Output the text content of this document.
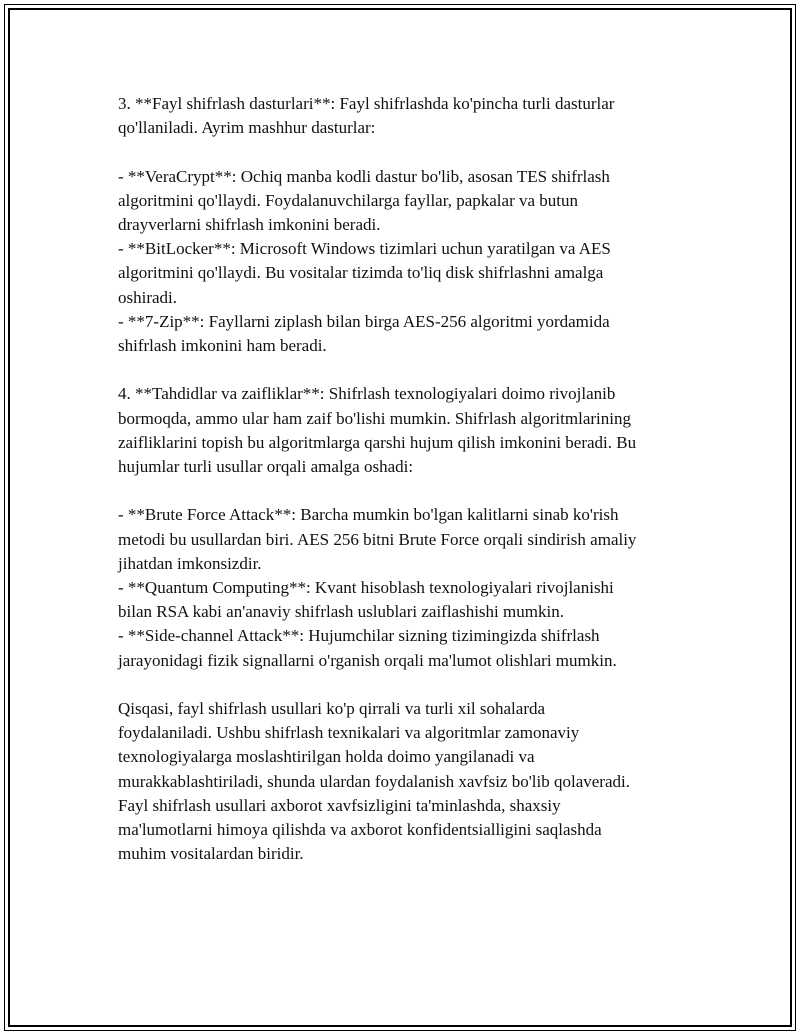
3. **Fayl shifrlash dasturlari**: Fayl shifrlashda ko'pincha turli dasturlar
qo'llaniladi. Ayrim mashhur dasturlar:

- **VeraCrypt**: Ochiq manba kodli dastur bo'lib, asosan TES shifrlash
algoritmini qo'llaydi. Foydalanuvchilarga fayllar, papkalar va butun
drayverlarni shifrlash imkonini beradi.

- **BitLocker**: Microsoft Windows tizimlari uchun yaratilgan va AES
algoritmini qo'llaydi. Bu vositalar tizimda to'liq disk shifrlashni amalga
oshiradi.

- **7-Zip**: Fayllarni ziplash bilan birga AES-256 algoritmi yordamida
shifrlash imkonini ham beradi.

4. **Tahdidlar va zaifliklar**: Shifrlash texnologiyalari doimo rivojlanib
bormoqda, ammo ular ham zaif bo'lishi mumkin. Shifrlash algoritmlarining
zaifliklarini topish bu algoritmlarga qarshi hujum qilish imkonini beradi. Bu
hujumlar turli usullar orqali amalga oshadi:

- **Brute Force Attack**: Barcha mumkin bo'lgan kalitlarni sinab ko'rish
metodi bu usullardan biri. AES 256 bitni Brute Force orqali sindirish amaliy
jihatdan imkonsizdir.

- **Quantum Computing**: Kvant hisoblash texnologiyalari rivojlanishi
bilan RSA kabi an'anaviy shifrlash uslublari zaiflashishi mumkin.

- **Side-channel Attack**: Hujumchilar sizning tizimingizda shifrlash
jarayonidagi fizik signallarni o'rganish orqali ma'lumot olishlari mumkin.

Qisqasi, fayl shifrlash usullari ko'p qirrali va turli xil sohalarda
foydalaniladi. Ushbu shifrlash texnikalari va algoritmlar zamonaviy
texnologiyalarga moslashtirilgan holda doimo yangilanadi va
murakkablashtiriladi, shunda ulardan foydalanish xavfsiz bo'lib qolaveradi.
Fayl shifrlash usullari axborot xavfsizligini ta'minlashda, shaxsiy
ma'lumotlarni himoya qilishda va axborot konfidentsialligini saqlashda
muhim vositalardan biridir.
